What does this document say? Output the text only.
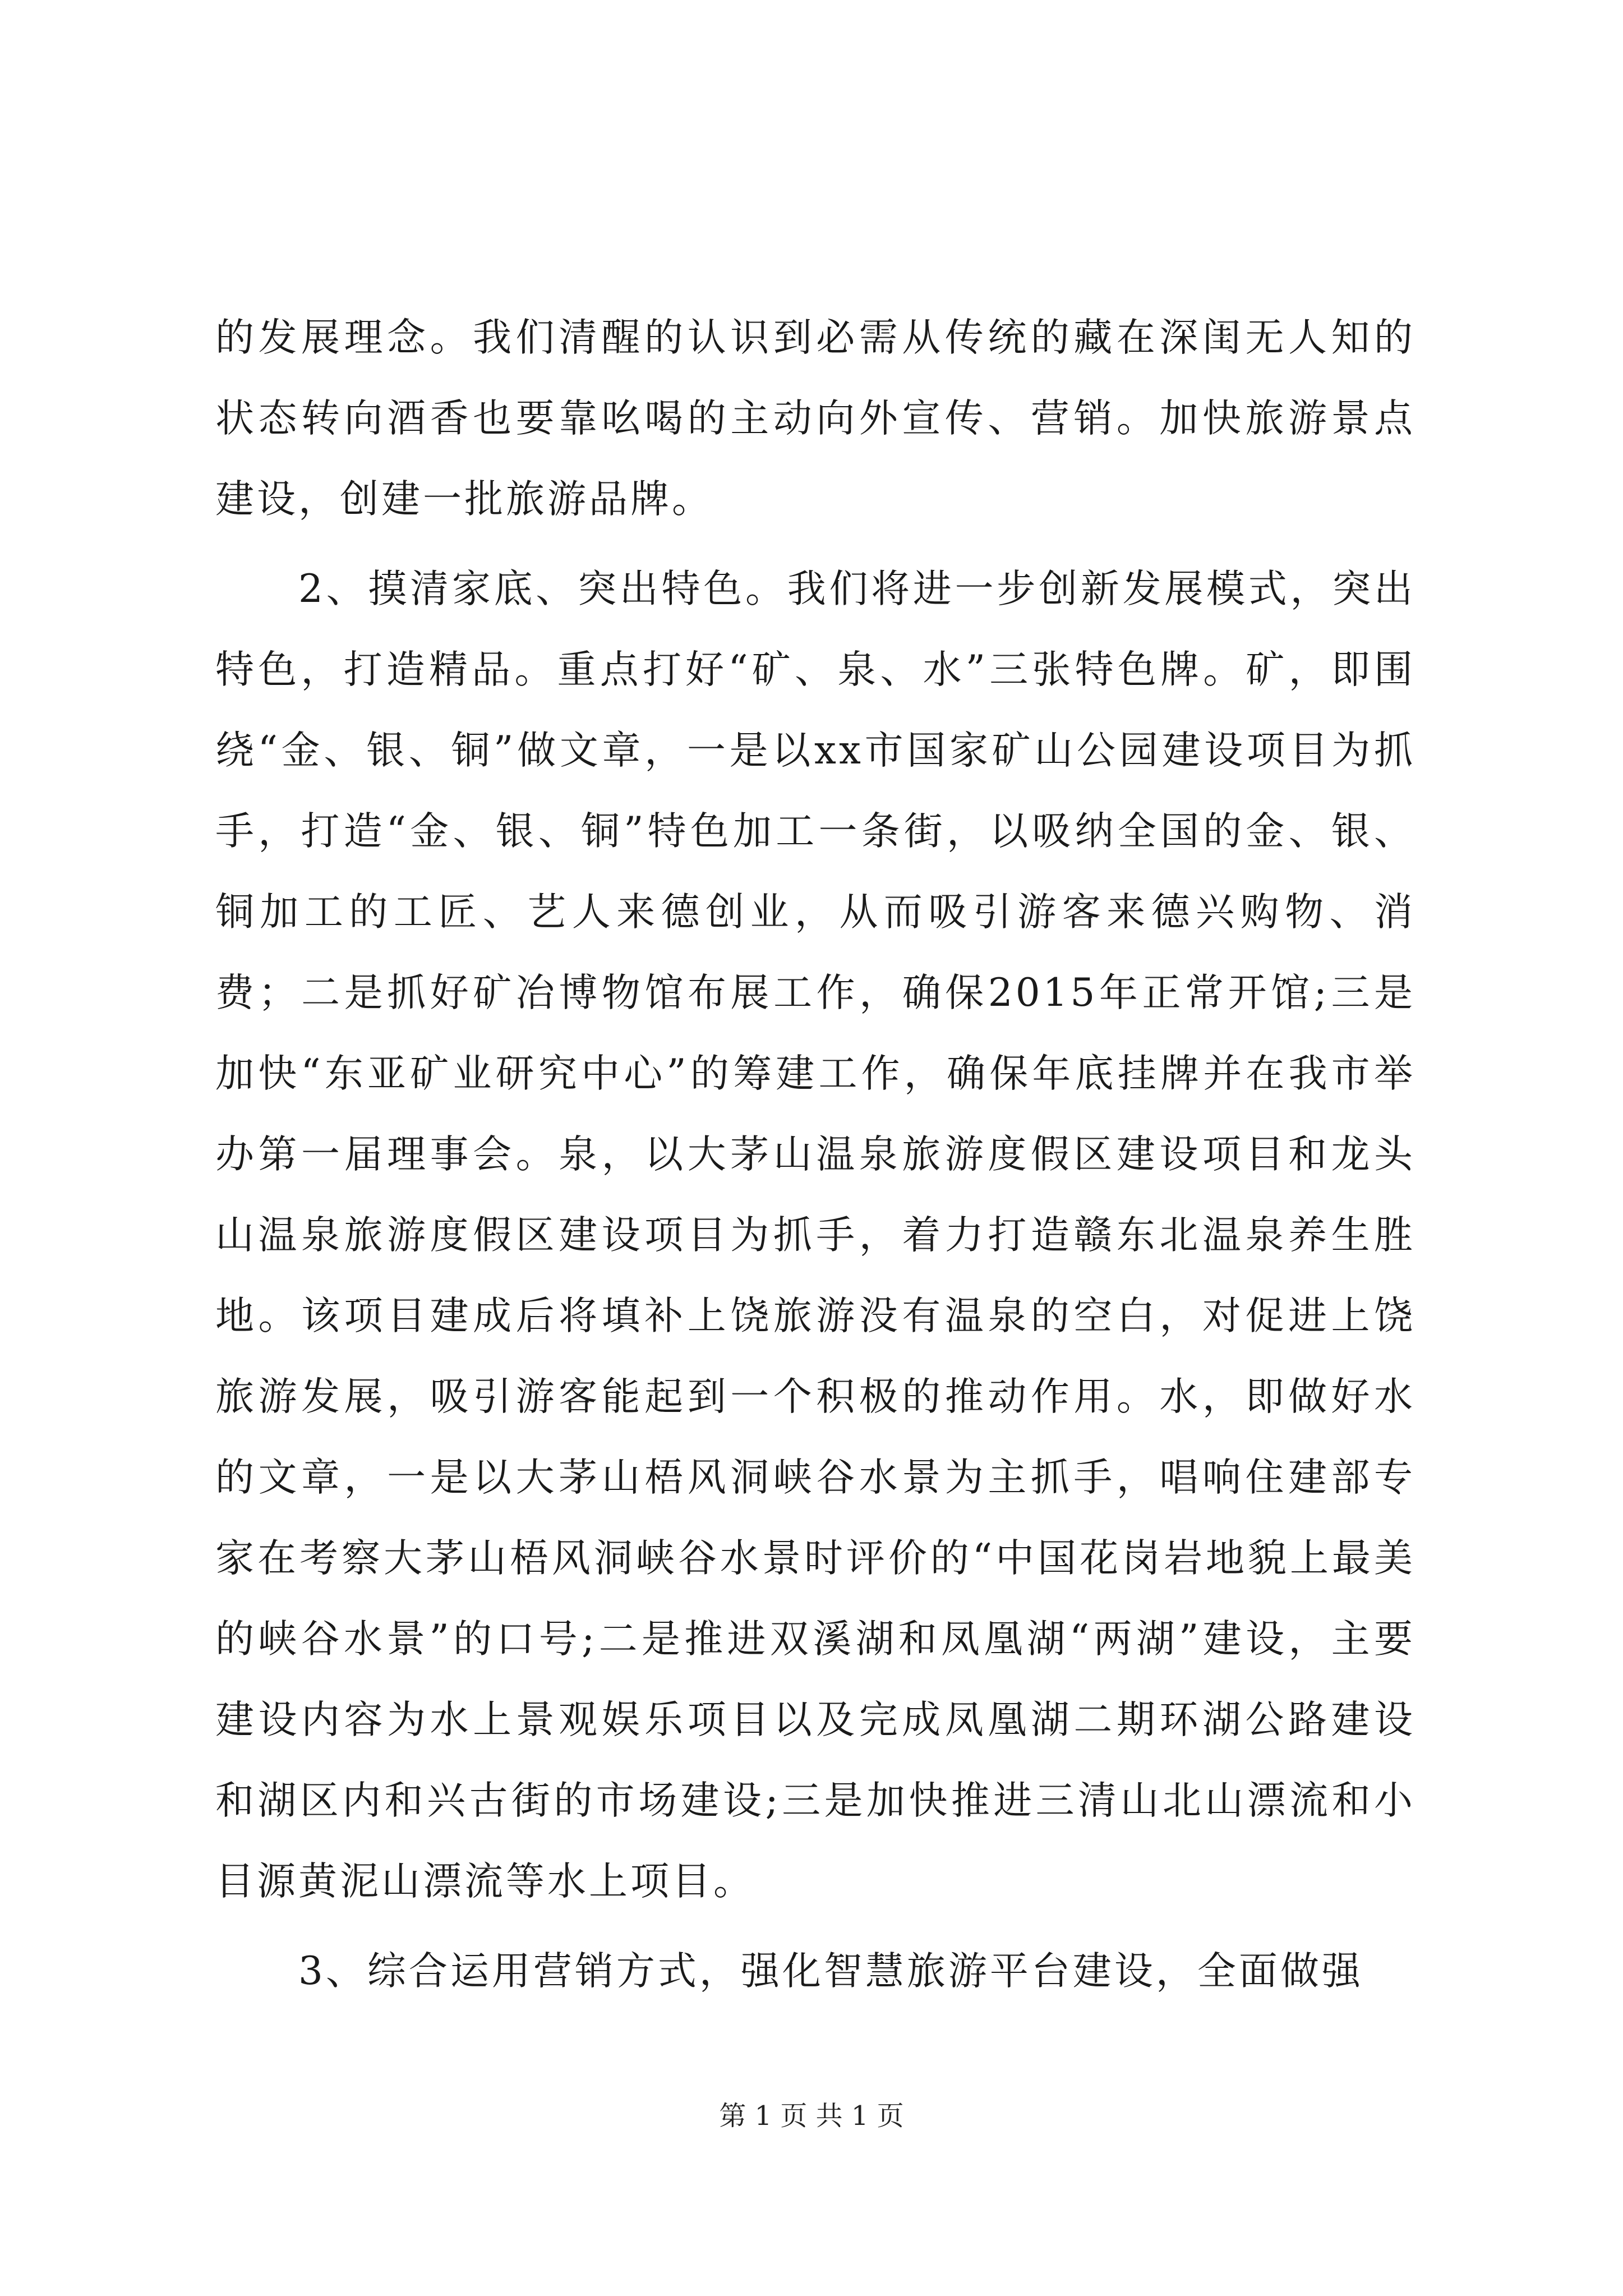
的发展理念。我们清醒的认识到必需从传统的藏在深闺无人知的状态转向酒香也要靠吆喝的主动向外宣传、营销。加快旅游景点建设，创建一批旅游品牌。

2、摸清家底、突出特色。我们将进一步创新发展模式，突出特色，打造精品。重点打好“矿、泉、水”三张特色牌。矿，即围绕“金、银、铜”做文章，一是以xx市国家矿山公园建设项目为抓手，打造“金、银、铜”特色加工一条街，以吸纳全国的金、银、铜加工的工匠、艺人来德创业，从而吸引游客来德兴购物、消费；二是抓好矿冶博物馆布展工作，确保2015年正常开馆;三是加快“东亚矿业研究中心”的筹建工作，确保年底挂牌并在我市举办第一届理事会。泉，以大茅山温泉旅游度假区建设项目和龙头山温泉旅游度假区建设项目为抓手，着力打造赣东北温泉养生胜地。该项目建成后将填补上饶旅游没有温泉的空白，对促进上饶旅游发展，吸引游客能起到一个积极的推动作用。水，即做好水的文章，一是以大茅山梧风洞峡谷水景为主抓手，唱响住建部专家在考察大茅山梧风洞峡谷水景时评价的“中国花岗岩地貌上最美的峡谷水景”的口号;二是推进双溪湖和凤凰湖“两湖”建设，主要建设内容为水上景观娱乐项目以及完成凤凰湖二期环湖公路建设和湖区内和兴古街的市场建设;三是加快推进三清山北山漂流和小目源黄泥山漂流等水上项目。

3、综合运用营销方式，强化智慧旅游平台建设，全面做强

第 1 页 共 1 页
